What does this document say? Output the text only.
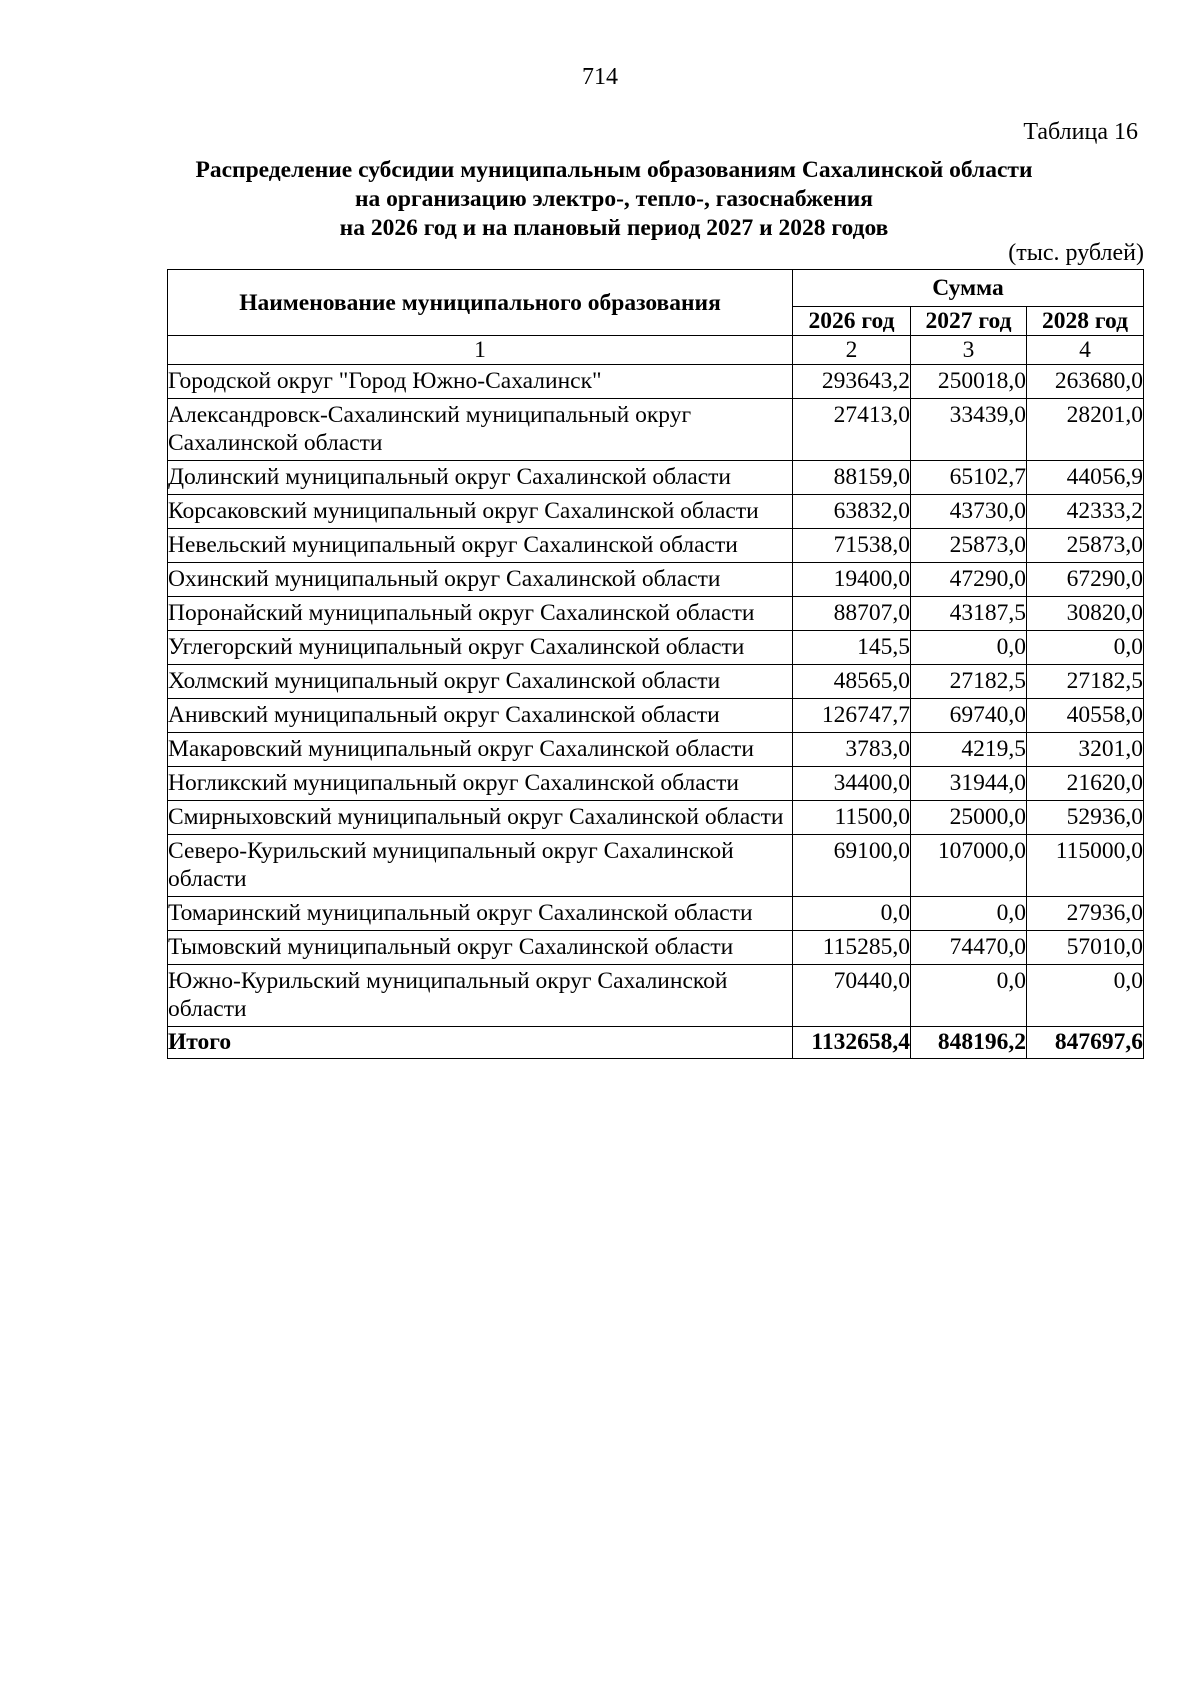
714
Таблица 16
Распределение субсидии муниципальным образованиям Сахалинской области
на организацию электро-, тепло-, газоснабжения
на 2026 год и на плановый период 2027 и 2028 годов
(тыс. рублей)
Наименование муниципального образования	Сумма		
	2026 год	2027 год	2028 год
1	2	3	4
Городской округ "Город Южно-Сахалинск"	293643,2	250018,0	263680,0
Александровск-Сахалинский муниципальный округ Сахалинской области	27413,0	33439,0	28201,0
Долинский муниципальный округ Сахалинской области	88159,0	65102,7	44056,9
Корсаковский муниципальный округ Сахалинской области	63832,0	43730,0	42333,2
Невельский муниципальный округ Сахалинской области	71538,0	25873,0	25873,0
Охинский муниципальный округ Сахалинской области	19400,0	47290,0	67290,0
Поронайский муниципальный округ Сахалинской области	88707,0	43187,5	30820,0
Углегорский муниципальный округ Сахалинской области	145,5	0,0	0,0
Холмский муниципальный округ Сахалинской области	48565,0	27182,5	27182,5
Анивский муниципальный округ Сахалинской области	126747,7	69740,0	40558,0
Макаровский муниципальный округ Сахалинской области	3783,0	4219,5	3201,0
Ногликский муниципальный округ Сахалинской области	34400,0	31944,0	21620,0
Смирныховский муниципальный округ Сахалинской области	11500,0	25000,0	52936,0
Северо-Курильский муниципальный округ Сахалинской области	69100,0	107000,0	115000,0
Томаринский муниципальный округ Сахалинской области	0,0	0,0	27936,0
Тымовский муниципальный округ Сахалинской области	115285,0	74470,0	57010,0
Южно-Курильский муниципальный округ Сахалинской области	70440,0	0,0	0,0
Итого	1132658,4	848196,2	847697,6
